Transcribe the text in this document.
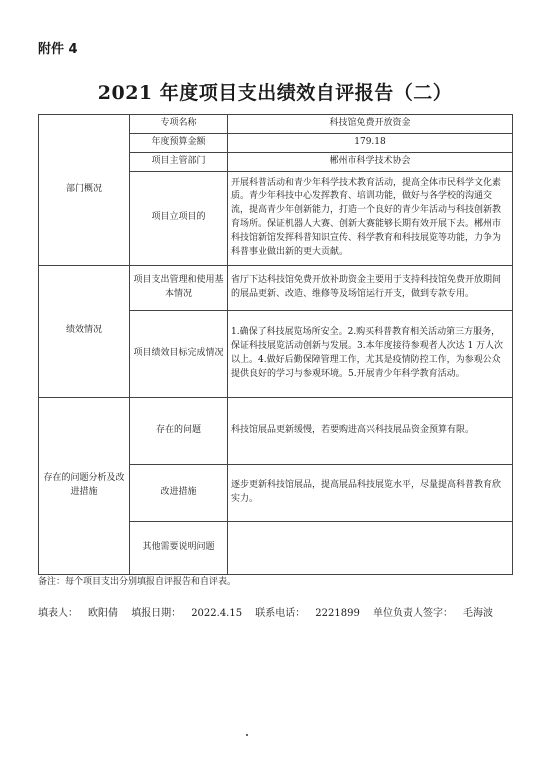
附件 4
2021 年度项目支出绩效自评报告（二）
部门概况	专项名称	科技馆免费开放资金
	年度预算金额	179.18
	项目主管部门	郴州市科学技术协会
	项目立项目的	开展科普活动和青少年科学技术教育活动，提高全体市民科学文化素质。青少年科技中心发挥教育、培训功能，做好与各学校的沟通交流，提高青少年创新能力，打造一个良好的青少年活动与科技创新教育场所。保证机器人大赛、创新大赛能够长期有效开展下去。郴州市科技馆新馆发挥科普知识宣传、科学教育和科技展览等功能，力争为科普事业做出新的更大贡献。
绩效情况	项目支出管理和使用基本情况	省厅下达科技馆免费开放补助资金主要用于支持科技馆免费开放期间的展品更新、改造、维修等及场馆运行开支，做到专款专用。
	项目绩效目标完成情况	1.确保了科技展览场所安全。2.购买科普教育相关活动第三方服务，保证科技展览活动创新与发展。3.本年度接待参观者人次达 1 万人次以上。4.做好后勤保障管理工作，尤其是疫情防控工作，为参观公众提供良好的学习与参观环境。5.开展青少年科学教育活动。
存在的问题分析及改进措施	存在的问题	科技馆展品更新缓慢，若要购进高兴科技展品资金预算有限。
	改进措施	逐步更新科技馆展品，提高展品科技展览水平，尽量提高科普教育欣实力。
	其他需要说明问题	
备注：每个项目支出分别填报自评报告和自评表。
填表人： 欧阳倩 填报日期： 2022.4.15 联系电话： 2221899 单位负责人签字： 毛海波
